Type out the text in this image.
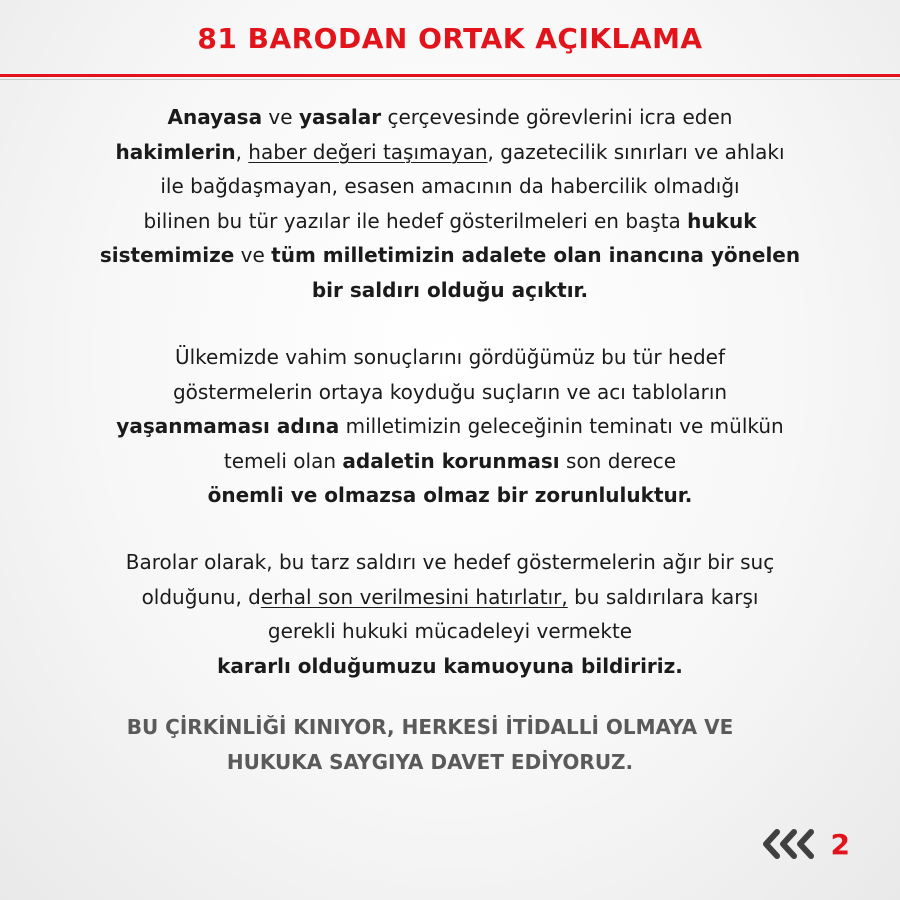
81 BARODAN ORTAK AÇIKLAMA
Anayasa ve yasalar çerçevesinde görevlerini icra eden
hakimlerin, haber değeri taşımayan, gazetecilik sınırları ve ahlakı
ile bağdaşmayan, esasen amacının da habercilik olmadığı
bilinen bu tür yazılar ile hedef gösterilmeleri en başta hukuk
sistemimize ve tüm milletimizin adalete olan inancına yönelen
bir saldırı olduğu açıktır.
Ülkemizde vahim sonuçlarını gördüğümüz bu tür hedef
göstermelerin ortaya koyduğu suçların ve acı tabloların
yaşanmaması adına milletimizin geleceğinin teminatı ve mülkün
temeli olan adaletin korunması son derece
önemli ve olmazsa olmaz bir zorunluluktur.
Barolar olarak, bu tarz saldırı ve hedef göstermelerin ağır bir suç
olduğunu, derhal son verilmesini hatırlatır, bu saldırılara karşı
gerekli hukuki mücadeleyi vermekte
kararlı olduğumuzu kamuoyuna bildiririz.
BU ÇİRKİNLİĞİ KINIYOR, HERKESİ İTİDALLİ OLMAYA VE
HUKUKA SAYGIYA DAVET EDİYORUZ.
2
